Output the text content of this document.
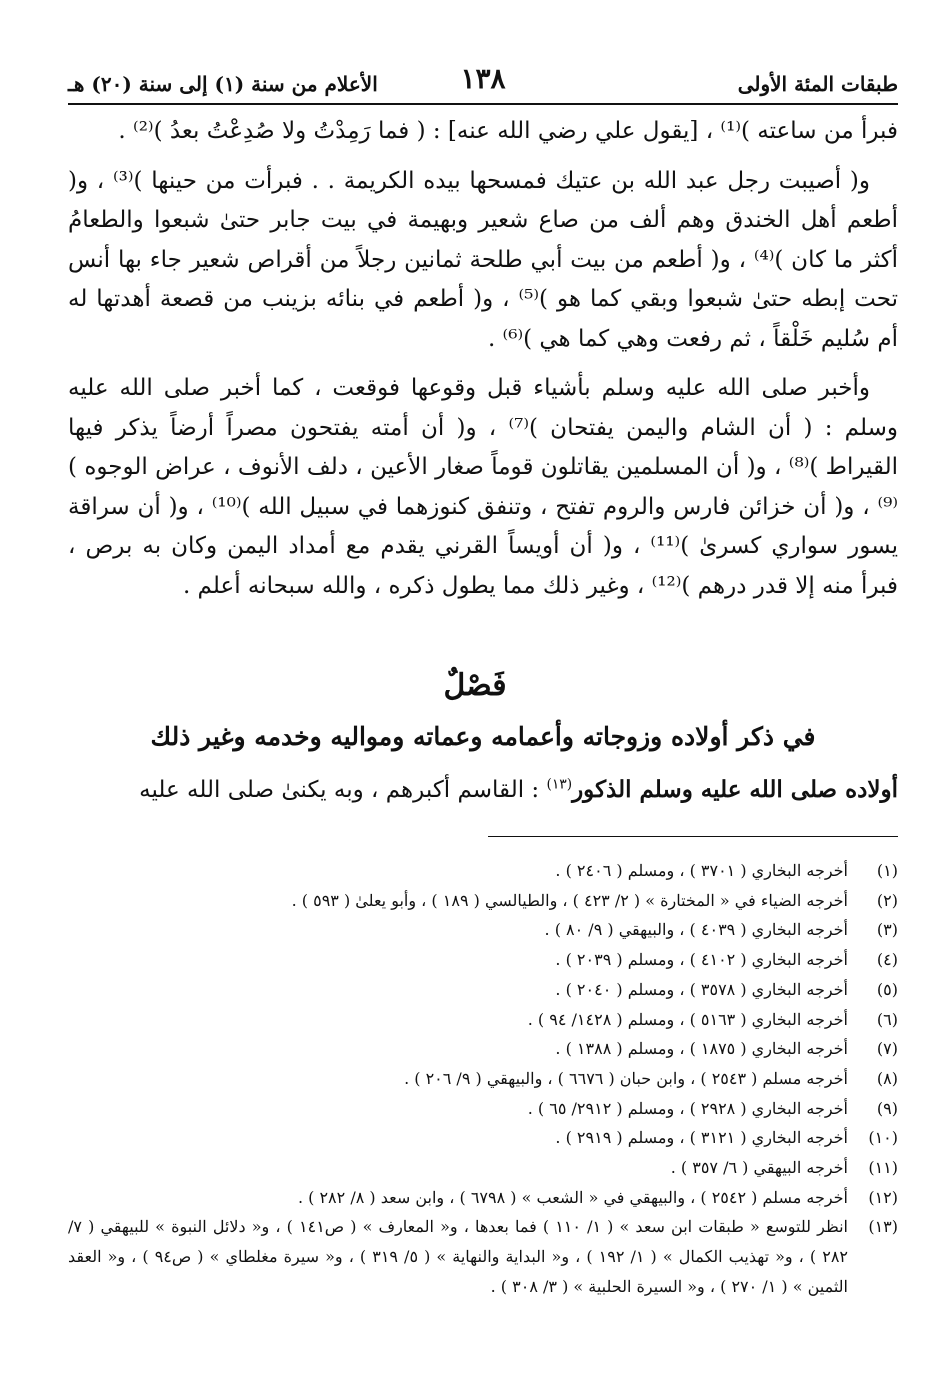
طبقات المئة الأولى
١٣٨
الأعلام من سنة (١) إلى سنة (٢٠) هـ

فبرأ من ساعته )⁽¹⁾ ، [يقول علي رضي الله عنه] : ( فما رَمِدْتُ ولا صُدِعْتُ بعدُ )⁽²⁾ .

و( أصيبت رجل عبد الله بن عتيك فمسحها بيده الكريمة . . فبرأت من حينها )⁽³⁾ ، و( أطعم أهل الخندق وهم ألف من صاع شعير وبهيمة في بيت جابر حتىٰ شبعوا والطعامُ أكثر ما كان )⁽⁴⁾ ، و( أطعم من بيت أبي طلحة ثمانين رجلاً من أقراص شعير جاء بها أنس تحت إبطه حتىٰ شبعوا وبقي كما هو )⁽⁵⁾ ، و( أطعم في بنائه بزينب من قصعة أهدتها له أم سُليم خَلْقاً ، ثم رفعت وهي كما هي )⁽⁶⁾ .

وأخبر صلى الله عليه وسلم بأشياء قبل وقوعها فوقعت ، كما أخبر صلى الله عليه وسلم : ( أن الشام واليمن يفتحان )⁽⁷⁾ ، و( أن أمته يفتحون مصراً أرضاً يذكر فيها القيراط )⁽⁸⁾ ، و( أن المسلمين يقاتلون قوماً صغار الأعين ، دلف الأنوف ، عراض الوجوه )⁽⁹⁾ ، و( أن خزائن فارس والروم تفتح ، وتنفق كنوزهما في سبيل الله )⁽¹⁰⁾ ، و( أن سراقة يسور سواري كسرىٰ )⁽¹¹⁾ ، و( أن أويساً القرني يقدم مع أمداد اليمن وكان به برص ، فبرأ منه إلا قدر درهم )⁽¹²⁾ ، وغير ذلك مما يطول ذكره ، والله سبحانه أعلم .

فَصْلٌ
في ذكر أولاده وزوجاته وأعمامه وعماته ومواليه وخدمه وغير ذلك
أولاده صلى الله عليه وسلم الذكور$^{(١٣)}$ : القاسم أكبرهم ، وبه يكنىٰ صلى الله عليه
(١)
أخرجه البخاري ( ٣٧٠١ ) ، ومسلم ( ٢٤٠٦ ) .
(٢)
أخرجه الضياء في « المختارة » ( ٢/ ٤٢٣ ) ، والطيالسي ( ١٨٩ ) ، وأبو يعلىٰ ( ٥٩٣ ) .
(٣)
أخرجه البخاري ( ٤٠٣٩ ) ، والبيهقي ( ٩/ ٨٠ ) .
(٤)
أخرجه البخاري ( ٤١٠٢ ) ، ومسلم ( ٢٠٣٩ ) .
(٥)
أخرجه البخاري ( ٣٥٧٨ ) ، ومسلم ( ٢٠٤٠ ) .
(٦)
أخرجه البخاري ( ٥١٦٣ ) ، ومسلم ( ١٤٢٨/ ٩٤ ) .
(٧)
أخرجه البخاري ( ١٨٧٥ ) ، ومسلم ( ١٣٨٨ ) .
(٨)
أخرجه مسلم ( ٢٥٤٣ ) ، وابن حبان ( ٦٦٧٦ ) ، والبيهقي ( ٩/ ٢٠٦ ) .
(٩)
أخرجه البخاري ( ٢٩٢٨ ) ، ومسلم ( ٢٩١٢/ ٦٥ ) .
(١٠)
أخرجه البخاري ( ٣١٢١ ) ، ومسلم ( ٢٩١٩ ) .
(١١)
أخرجه البيهقي ( ٦/ ٣٥٧ ) .
(١٢)
أخرجه مسلم ( ٢٥٤٢ ) ، والبيهقي في « الشعب » ( ٦٧٩٨ ) ، وابن سعد ( ٨/ ٢٨٢ ) .
(١٣)
انظر للتوسع « طبقات ابن سعد » ( ١/ ١١٠ ) فما بعدها ، و« المعارف » ( ص١٤١ ) ، و« دلائل النبوة » للبيهقي ( ٧/ ٢٨٢ ) ، و« تهذيب الكمال » ( ١/ ١٩٢ ) ، و« البداية والنهاية » ( ٥/ ٣١٩ ) ، و« سيرة مغلطاي » ( ص٩٤ ) ، و« العقد الثمين » ( ١/ ٢٧٠ ) ، و« السيرة الحلبية » ( ٣/ ٣٠٨ ) .
